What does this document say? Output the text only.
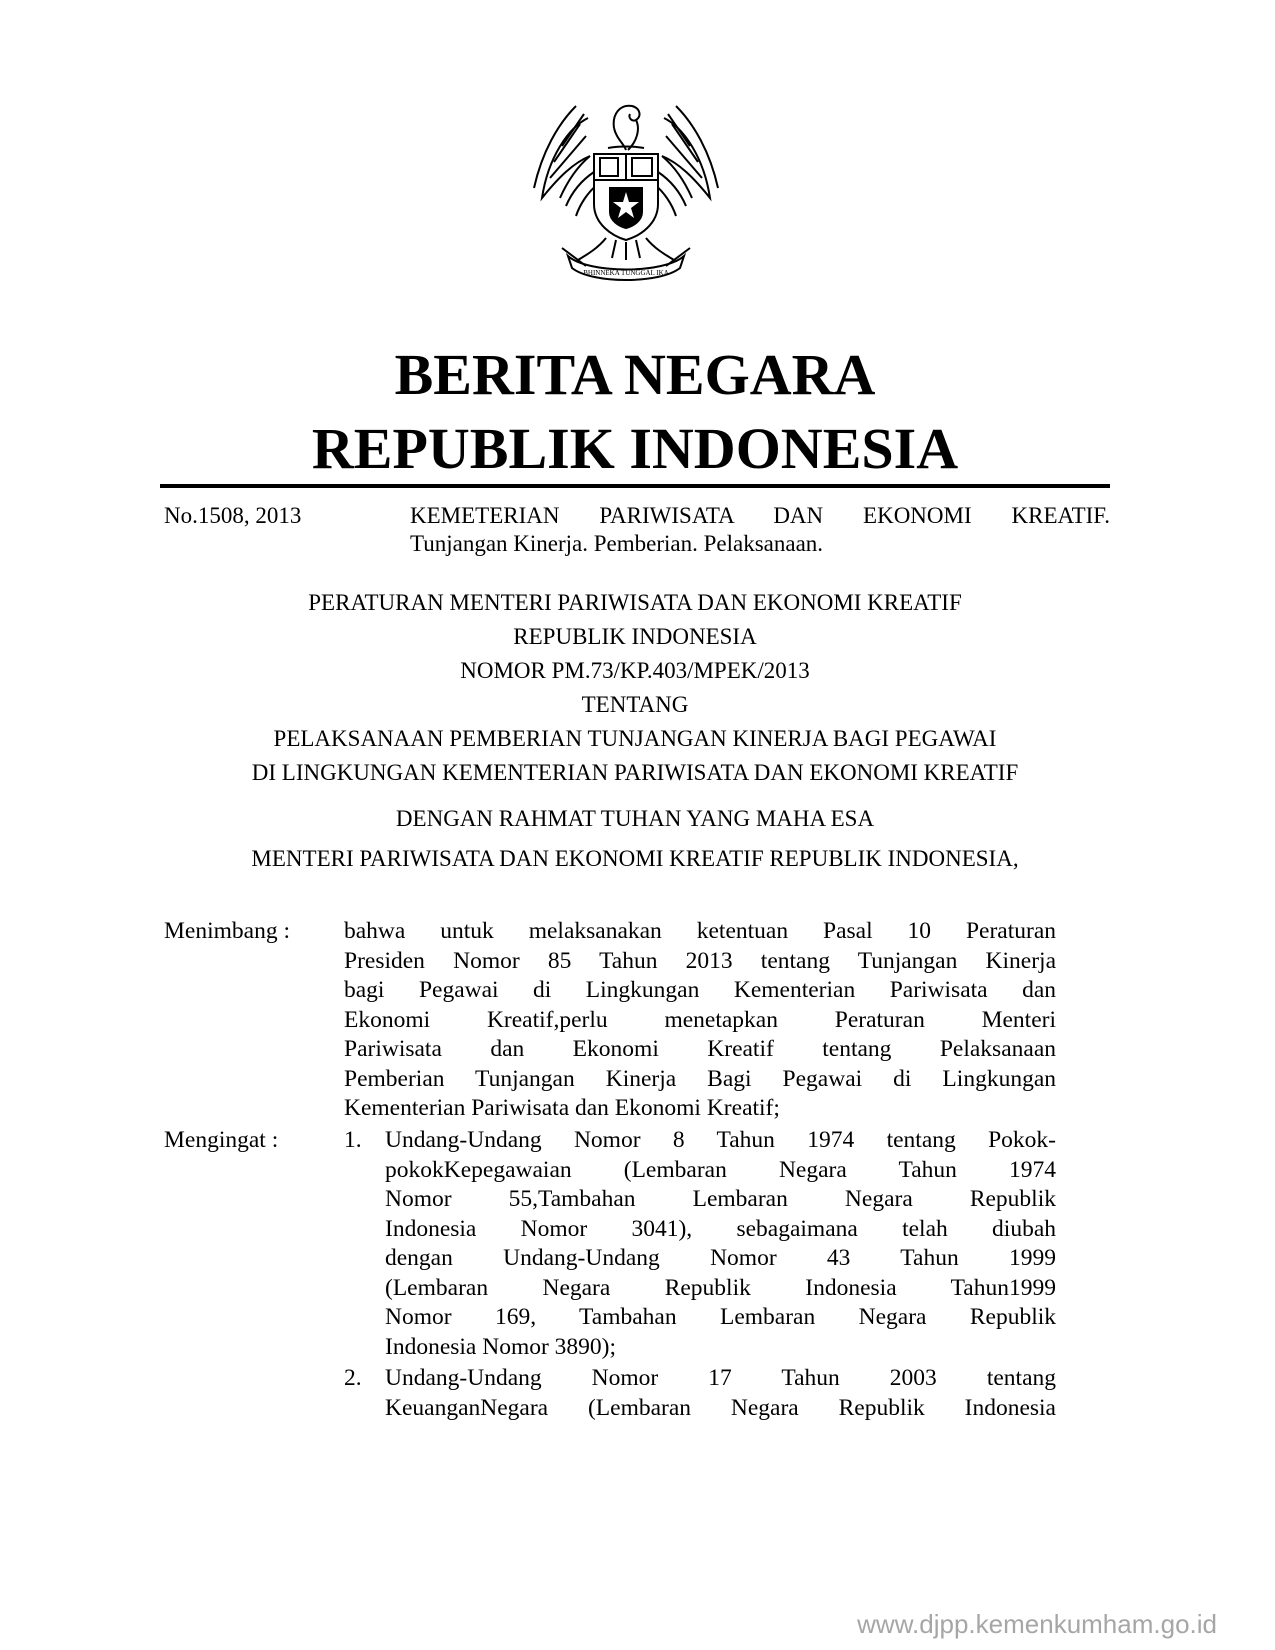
BHINNEKA TUNGGAL IKA
BERITA NEGARA
REPUBLIK INDONESIA
No.1508, 2013	KEMETERIAN PARIWISATA DAN EKONOMI KREATIF.
Tunjangan Kinerja. Pemberian. Pelaksanaan.
PERATURAN MENTERI PARIWISATA DAN EKONOMI KREATIF
REPUBLIK INDONESIA
NOMOR PM.73/KP.403/MPEK/2013
TENTANG
PELAKSANAAN PEMBERIAN TUNJANGAN KINERJA BAGI PEGAWAI
DI LINGKUNGAN KEMENTERIAN PARIWISATA DAN EKONOMI KREATIF
DENGAN RAHMAT TUHAN YANG MAHA ESA
MENTERI PARIWISATA DAN EKONOMI KREATIF REPUBLIK INDONESIA,
Menimbang : bahwa untuk melaksanakan ketentuan Pasal 10 Peraturan
Presiden Nomor 85 Tahun 2013 tentang Tunjangan Kinerja
bagi Pegawai di Lingkungan Kementerian Pariwisata dan
Ekonomi Kreatif,perlu menetapkan Peraturan Menteri
Pariwisata dan Ekonomi Kreatif tentang Pelaksanaan
Pemberian Tunjangan Kinerja Bagi Pegawai di Lingkungan
Kementerian Pariwisata dan Ekonomi Kreatif;
Mengingat :	1. Undang-Undang Nomor 8 Tahun 1974 tentang Pokok-
pokokKepegawaian (Lembaran Negara Tahun 1974
Nomor 55,Tambahan Lembaran Negara Republik
Indonesia Nomor 3041), sebagaimana telah diubah
dengan Undang-Undang Nomor 43 Tahun 1999
(Lembaran Negara Republik Indonesia Tahun1999
Nomor 169, Tambahan Lembaran Negara Republik
Indonesia Nomor 3890);
2. Undang-Undang Nomor 17 Tahun 2003 tentang
KeuanganNegara (Lembaran Negara Republik Indonesia
www.djpp.kemenkumham.go.id
